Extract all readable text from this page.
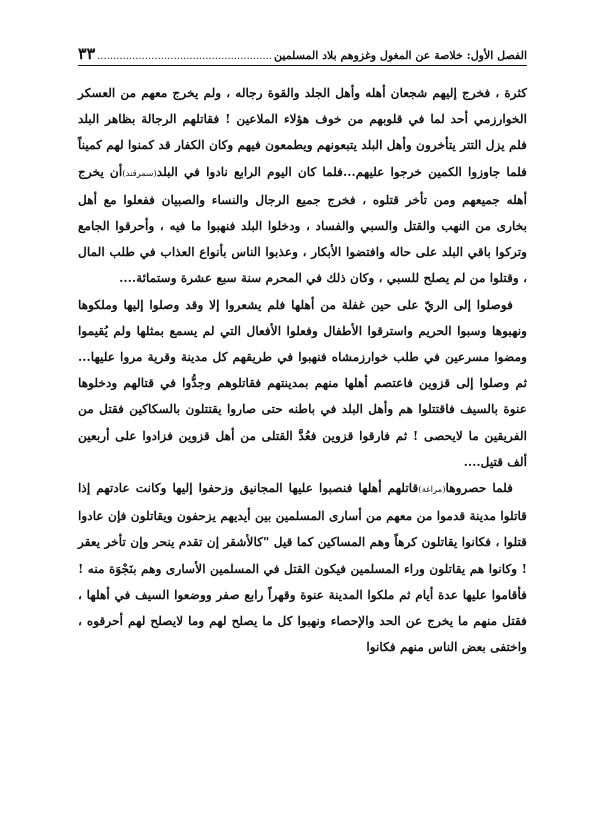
الفصل الأول: خلاصة عن المغول وغزوهم بلاد المسلمين
.....
٣٣

كثرة ، فخرج إليهم شجعان أهله وأهل الجلد والقوة رجاله ، ولم يخرج معهم من العسكر الخوارزمي أحد لما في قلوبهم من خوف هؤلاء الملاعين ! فقاتلهم الرجالة بظاهر البلد فلم يزل التتر يتأخرون وأهل البلد يتبعونهم ويطمعون فيهم وكان الكفار قد كمنوا لهم كميناً فلما جاوزوا الكمين خرجوا عليهم...فلما كان اليوم الرابع نادوا في البلد(سمرقند)أن يخرج أهله جميعهم ومن تأخر قتلوه ، فخرج جميع الرجال والنساء والصبيان ففعلوا مع أهل بخارى من النهب والقتل والسبي والفساد ، ودخلوا البلد فنهبوا ما فيه ، وأحرقوا الجامع وتركوا باقي البلد على حاله وافتضوا الأبكار ، وعذبوا الناس بأنواع العذاب في طلب المال ، وقتلوا من لم يصلح للسبي ، وكان ذلك في المحرم سنة سبع عشرة وستمائة....

فوصلوا إلى الريّ على حين غفلة من أهلها فلم يشعروا إلا وقد وصلوا إليها وملكوها ونهبوها وسبوا الحريم واسترقوا الأطفال وفعلوا الأفعال التي لم يسمع بمثلها ولم يُقيموا ومضوا مسرعين في طلب خوارزمشاه فنهبوا في طريقهم كل مدينة وقرية مروا عليها... ثم وصلوا إلى قزوين فاعتصم أهلها منهم بمدينتهم فقاتلوهم وجدُّوا في قتالهم ودخلوها عنوة بالسيف فاقتتلوا هم وأهل البلد في باطنه حتى صاروا يقتتلون بالسكاكين فقتل من الفريقين ما لايحصى ! ثم فارقوا قزوين فعُدَّ القتلى من أهل قزوين فزادوا على أربعين ألف قتيل....

فلما حصروها(مراغة)قاتلهم أهلها فنصبوا عليها المجانيق وزحفوا إليها وكانت عادتهم إذا قاتلوا مدينة قدموا من معهم من أسارى المسلمين بين أيديهم يزحفون ويقاتلون فإن عادوا قتلوا ، فكانوا يقاتلون كرهاً وهم المساكين كما قيل "كالأشقر إن تقدم ينحر وإن تأخر يعقر ! وكانوا هم يقاتلون وراء المسلمين فيكون القتل في المسلمين الأسارى وهم بنَجْوَة منه ! فأقاموا عليها عدة أيام ثم ملكوا المدينة عنوة وقهراً رابع صفر ووضعوا السيف في أهلها ، فقتل منهم ما يخرج عن الحد والإحصاء ونهبوا كل ما يصلح لهم وما لايصلح لهم أحرقوه ، واختفى بعض الناس منهم فكانوا
